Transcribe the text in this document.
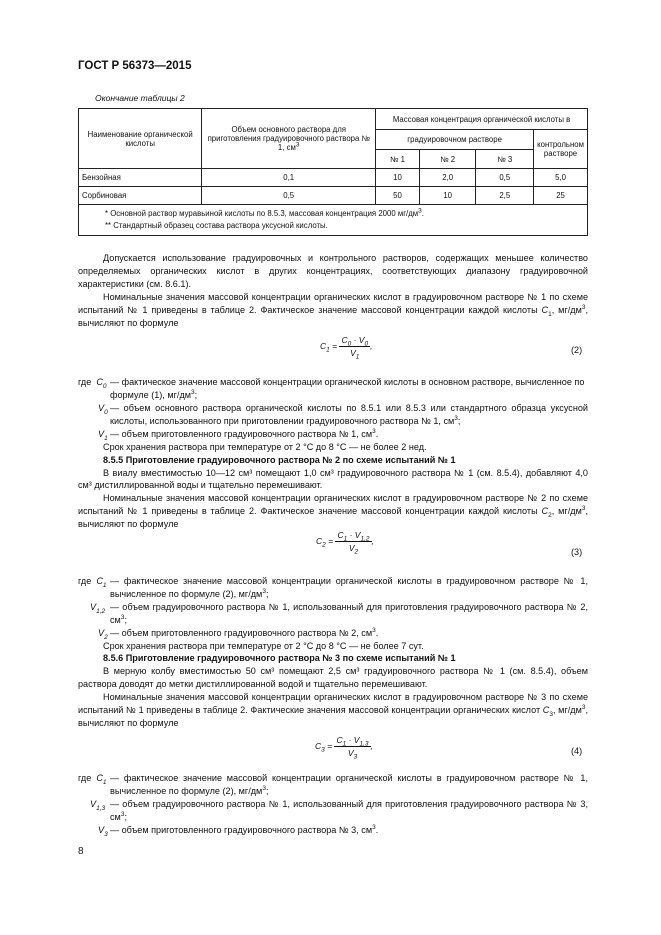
ГОСТ Р 56373—2015
Окончание таблицы 2
Наименование органической кислоты	Объем основного раствора для приготовления градуировочного раствора № 1, $см^3$	Массовая концентрация органической кислоты в			
		градуировочном растворе			контрольном растворе
		№ 1	№ 2	№ 3	
Бензойная	0,1	10	2,0	0,5	5,0
Сорбиновая	0,5	50	10	2,5	25

* Основной раствор муравьиной кислоты по 8.5.3, массовая концентрация 2000 $мг/дм^3$.
** Стандартный образец состава раствора уксусной кислоты.					

Допускается использование градуировочных и контрольного растворов, содержащих меньшее количество определяемых органических кислот в других концентрациях, соответствующих диапазону градуировочной характеристики (см. 8.6.1).

Номинальные значения массовой концентрации органических кислот в градуировочном растворе № 1 по схеме испытаний № 1 приведены в таблице 2. Фактическое значение массовой концентрации каждой кислоты $C_1$, $мг/дм^3$, вычисляют по формуле

$C_1 = \frac{C_0 \cdot V_0}{V_1}$ ,	(2)
где  $C_0$ — фактическое значение массовой концентрации органической кислоты в основном растворе, вычисленное по формуле (1), $мг/дм^3$;

$V_0$ — объем основного раствора органической кислоты по 8.5.1 или 8.5.3 или стандартного образца уксусной кислоты, использованного при приготовлении градуировочного раствора № 1, $см^3$;

$V_1$ — объем приготовленного градуировочного раствора № 1, $см^3$.

Срок хранения раствора при температуре от 2 °С до 8 °С — не более 2 нед.

8.5.5 Приготовление градуировочного раствора № 2 по схеме испытаний № 1

В виалу вместимостью 10—12 см³ помещают 1,0 см³ градуировочного раствора № 1 (см. 8.5.4), добавляют 4,0 см³ дистиллированной воды и тщательно перемешивают.

Номинальные значения массовой концентрации органических кислот в градуировочном растворе № 2 по схеме испытаний № 1 приведены в таблице 2. Фактическое значение массовой концентрации каждой кислоты $C_2$, $мг/дм^3$, вычисляют по формуле

$C_2 = \frac{C_1 \cdot V_{1,2}}{V_2}$ ,
(3)

где  $C_1$ — фактическое значение массовой концентрации органической кислоты в градуировочном растворе № 1, вычисленное по формуле (2), $мг/дм^3$;

$V_{1,2}$ — объем градуировочного раствора № 1, использованный для приготовления градуировочного раствора № 2, $см^3$;

$V_2$ — объем приготовленного градуировочного раствора № 2, $см^3$.

Срок хранения раствора при температуре от 2 °С до 8 °С — не более 7 сут.

8.5.6 Приготовление градуировочного раствора № 3 по схеме испытаний № 1

В мерную колбу вместимостью 50 см³ помещают 2,5 см³ градуировочного раствора № 1 (см. 8.5.4), объем раствора доводят до метки дистиллированной водой и тщательно перемешивают.

Номинальные значения массовой концентрации органических кислот в градуировочном растворе № 3 по схеме испытаний № 1 приведены в таблице 2. Фактические значения массовой концентрации органических кислот $C_3$, $мг/дм^3$, вычисляют по формуле

$C_3 = \frac{C_1 \cdot V_{1,3}}{V_3}$ ,
(4)

где  $C_1$ — фактическое значение массовой концентрации органической кислоты в градуировочном растворе № 1, вычисленное по формуле (2), $мг/дм^3$;

$V_{1,3}$ — объем градуировочного раствора № 1, использованный для приготовления градуировочного раствора № 3, $см^3$;

$V_3$ — объем приготовленного градуировочного раствора № 3, $см^3$.

8
